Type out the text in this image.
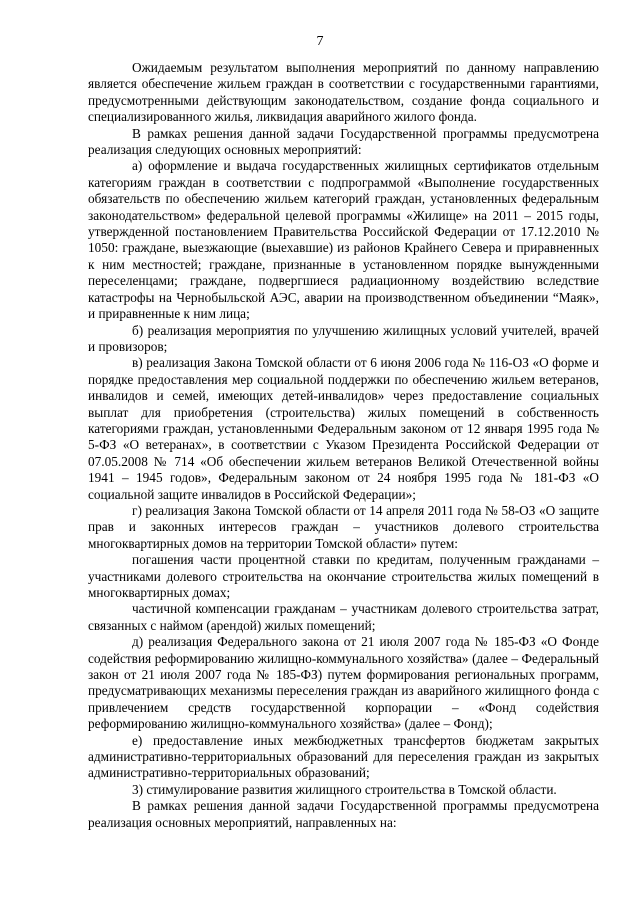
7

Ожидаемым результатом выполнения мероприятий по данному направлению является обеспечение жильем граждан в соответствии с государственными гарантиями, предусмотренными действующим законодательством, создание фонда социального и специализированного жилья, ликвидация аварийного жилого фонда.

В рамках решения данной задачи Государственной программы предусмотрена реализация следующих основных мероприятий:

а) оформление и выдача государственных жилищных сертификатов отдельным категориям граждан в соответствии с подпрограммой «Выполнение государственных обязательств по обеспечению жильем категорий граждан, установленных федеральным законодательством» федеральной целевой программы «Жилище» на 2011 – 2015 годы, утвержденной постановлением Правительства Российской Федерации от 17.12.2010 № 1050: граждане, выезжающие (выехавшие) из районов Крайнего Севера и приравненных к ним местностей; граждане, признанные в установленном порядке вынужденными переселенцами; граждане, подвергшиеся радиационному воздействию вследствие катастрофы на Чернобыльской АЭС, аварии на производственном объединении “Маяк», и приравненные к ним лица;

б) реализация мероприятия по улучшению жилищных условий учителей, врачей и провизоров;

в) реализация Закона Томской области от 6 июня 2006 года № 116-ОЗ «О форме и порядке предоставления мер социальной поддержки по обеспечению жильем ветеранов, инвалидов и семей, имеющих детей-инвалидов» через предоставление социальных выплат для приобретения (строительства) жилых помещений в собственность категориями граждан, установленными Федеральным законом от 12 января 1995 года № 5-ФЗ «О ветеранах», в соответствии с Указом Президента Российской Федерации от 07.05.2008 № 714 «Об обеспечении жильем ветеранов Великой Отечественной войны 1941 – 1945 годов», Федеральным законом от 24 ноября 1995 года № 181-ФЗ «О социальной защите инвалидов в Российской Федерации»;

г) реализация Закона Томской области от 14 апреля 2011 года № 58-ОЗ «О защите прав и законных интересов граждан – участников долевого строительства многоквартирных домов на территории Томской области» путем:

погашения части процентной ставки по кредитам, полученным гражданами – участниками долевого строительства на окончание строительства жилых помещений в многоквартирных домах;

частичной компенсации гражданам – участникам долевого строительства затрат, связанных с наймом (арендой) жилых помещений;

д) реализация Федерального закона от 21 июля 2007 года № 185-ФЗ «О Фонде содействия реформированию жилищно-коммунального хозяйства» (далее – Федеральный закон от 21 июля 2007 года № 185-ФЗ) путем формирования региональных программ, предусматривающих механизмы переселения граждан из аварийного жилищного фонда с привлечением средств государственной корпорации – «Фонд содействия реформированию жилищно-коммунального хозяйства» (далее – Фонд);

е) предоставление иных межбюджетных трансфертов бюджетам закрытых административно-территориальных образований для переселения граждан из закрытых административно-территориальных образований;

3) стимулирование развития жилищного строительства в Томской области.

В рамках решения данной задачи Государственной программы предусмотрена реализация основных мероприятий, направленных на:
